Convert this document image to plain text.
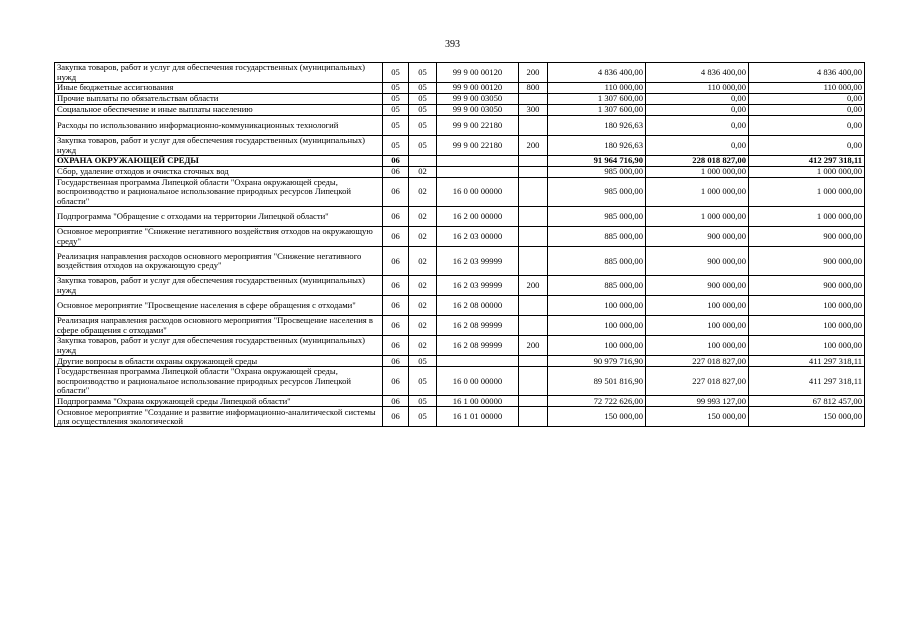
393
Закупка товаров, работ и услуг для обеспечения государственных (муниципальных) нужд	05	05	99 9 00 00120	200	4 836 400,00	4 836 400,00	4 836 400,00
Иные бюджетные ассигнования	05	05	99 9 00 00120	800	110 000,00	110 000,00	110 000,00
Прочие выплаты по обязательствам области	05	05	99 9 00 03050		1 307 600,00	0,00	0,00
Социальное обеспечение и иные выплаты населению	05	05	99 9 00 03050	300	1 307 600,00	0,00	0,00
Расходы по использованию информационно-коммуникационных технологий	05	05	99 9 00 22180		180 926,63	0,00	0,00
Закупка товаров, работ и услуг для обеспечения государственных (муниципальных) нужд	05	05	99 9 00 22180	200	180 926,63	0,00	0,00
ОХРАНА ОКРУЖАЮЩЕЙ СРЕДЫ	06				91 964 716,90	228 018 827,00	412 297 318,11
Сбор, удаление отходов и очистка сточных вод	06	02			985 000,00	1 000 000,00	1 000 000,00
Государственная программа Липецкой области "Охрана окружающей среды, воспроизводство и рациональное использование природных ресурсов Липецкой области"	06	02	16 0 00 00000		985 000,00	1 000 000,00	1 000 000,00
Подпрограмма "Обращение с отходами на территории Липецкой области"	06	02	16 2 00 00000		985 000,00	1 000 000,00	1 000 000,00
Основное мероприятие "Снижение негативного воздействия отходов на окружающую среду"	06	02	16 2 03 00000		885 000,00	900 000,00	900 000,00
Реализация направления расходов основного мероприятия "Снижение негативного воздействия отходов на окружающую среду"	06	02	16 2 03 99999		885 000,00	900 000,00	900 000,00
Закупка товаров, работ и услуг для обеспечения государственных (муниципальных) нужд	06	02	16 2 03 99999	200	885 000,00	900 000,00	900 000,00
Основное мероприятие "Просвещение населения в сфере обращения с отходами"	06	02	16 2 08 00000		100 000,00	100 000,00	100 000,00
Реализация направления расходов основного мероприятия "Просвещение населения в сфере обращения с отходами"	06	02	16 2 08 99999		100 000,00	100 000,00	100 000,00
Закупка товаров, работ и услуг для обеспечения государственных (муниципальных) нужд	06	02	16 2 08 99999	200	100 000,00	100 000,00	100 000,00
Другие вопросы в области охраны окружающей среды	06	05			90 979 716,90	227 018 827,00	411 297 318,11
Государственная программа Липецкой области "Охрана окружающей среды, воспроизводство и рациональное использование природных ресурсов Липецкой области"	06	05	16 0 00 00000		89 501 816,90	227 018 827,00	411 297 318,11
Подпрограмма "Охрана окружающей среды Липецкой области"	06	05	16 1 00 00000		72 722 626,00	99 993 127,00	67 812 457,00
Основное мероприятие "Создание и развитие информационно-аналитической системы для осуществления экологической	06	05	16 1 01 00000		150 000,00	150 000,00	150 000,00
